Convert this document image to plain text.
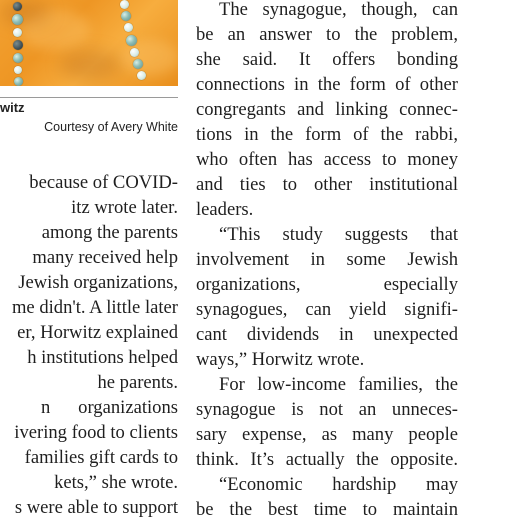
witz
Courtesy of Avery White
because of COVID-
itz wrote later.
among the parents
many received help
Jewish organizations,
me didn't. A little later
er, Horwitz explained
h institutions helped
he parents.
n      organizations
ivering food to clients
families gift cards to
kets,” she wrote.
s were able to support
The synagogue, though, can
be an answer to the problem,
she said. It offers bonding
connections in the form of other
congregants and linking connec-
tions in the form of the rabbi,
who often has access to money
and ties to other institutional
leaders.
“This study suggests that
involvement in some Jewish
organizations, especially
synagogues, can yield signifi-
cant dividends in unexpected
ways,” Horwitz wrote.
For low-income families, the
synagogue is not an unneces-
sary expense, as many people
think. It’s actually the opposite.
“Economic hardship may
be the best time to maintain
